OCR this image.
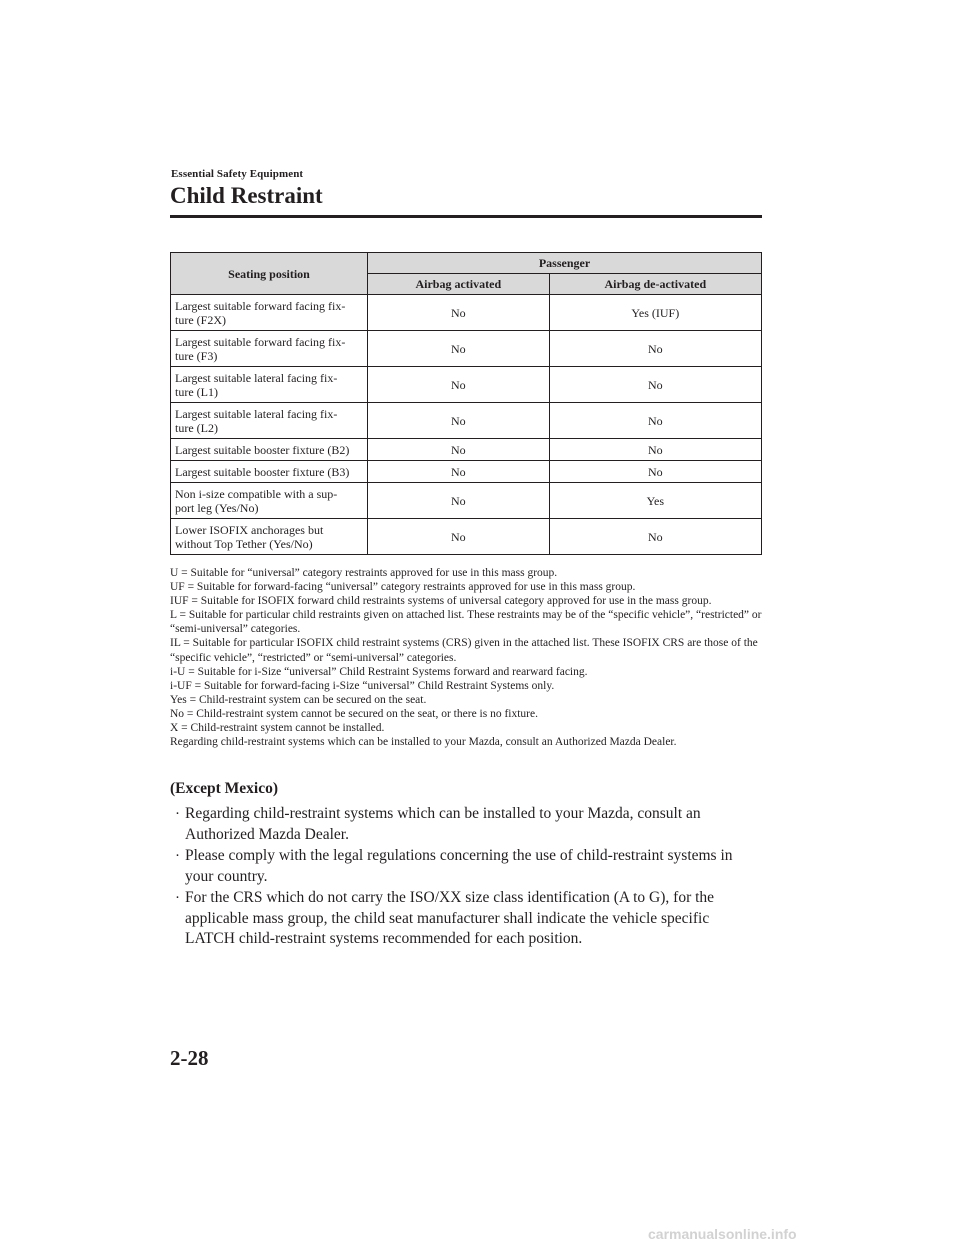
Essential Safety Equipment
Child Restraint
Seating position	Passenger	
	Airbag activated	Airbag de-activated
Largest suitable forward facing fix-
ture (F2X)	No	Yes (IUF)
Largest suitable forward facing fix-
ture (F3)	No	No
Largest suitable lateral facing fix-
ture (L1)	No	No
Largest suitable lateral facing fix-
ture (L2)	No	No
Largest suitable booster fixture (B2)	No	No
Largest suitable booster fixture (B3)	No	No
Non i-size compatible with a sup-
port leg (Yes/No)	No	Yes
Lower ISOFIX anchorages but
without Top Tether (Yes/No)	No	No

U = Suitable for “universal” category restraints approved for use in this mass group.

UF = Suitable for forward-facing “universal” category restraints approved for use in this mass group.

IUF = Suitable for ISOFIX forward child restraints systems of universal category approved for use in the mass group.

L = Suitable for particular child restraints given on attached list. These restraints may be of the “specific vehicle”, “restricted” or “semi-universal” categories.

IL = Suitable for particular ISOFIX child restraint systems (CRS) given in the attached list. These ISOFIX CRS are those of the “specific vehicle”, “restricted” or “semi-universal” categories.

i-U = Suitable for i-Size “universal” Child Restraint Systems forward and rearward facing.

i-UF = Suitable for forward-facing i-Size “universal” Child Restraint Systems only.

Yes = Child-restraint system can be secured on the seat.

No = Child-restraint system cannot be secured on the seat, or there is no fixture.

X = Child-restraint system cannot be installed.

Regarding child-restraint systems which can be installed to your Mazda, consult an Authorized Mazda Dealer.

(Except Mexico)
· Regarding child-restraint systems which can be installed to your Mazda, consult an Authorized Mazda Dealer.
· Please comply with the legal regulations concerning the use of child-restraint systems in your country.
· For the CRS which do not carry the ISO/XX size class identification (A to G), for the applicable mass group, the child seat manufacturer shall indicate the vehicle specific LATCH child-restraint systems recommended for each position.
2-28
carmanualsonline.info
